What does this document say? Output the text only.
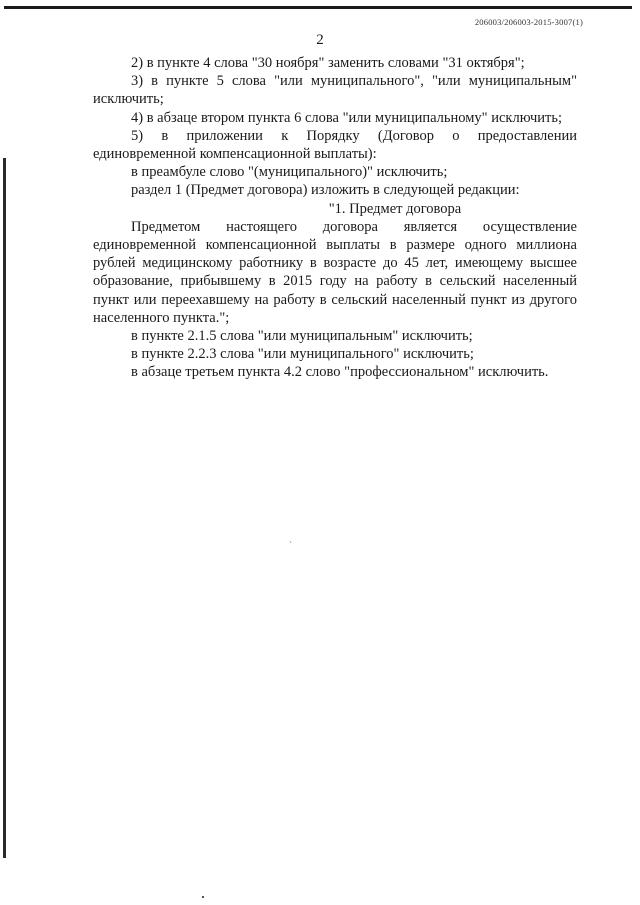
206003/206003-2015-3007(1)
2

2) в пункте 4 слова "30 ноября" заменить словами "31 октября";

3) в пункте 5 слова "или муниципального", "или муниципальным" исключить;

4) в абзаце втором пункта 6 слова "или муниципальному" исключить;

5) в приложении к Порядку (Договор о предоставлении единовременной компенсационной выплаты):

в преамбуле слово "(муниципального)" исключить;

раздел 1 (Предмет договора) изложить в следующей редакции:

"1. Предмет договора

Предметом настоящего договора является осуществление единовременной компенсационной выплаты в размере одного миллиона рублей медицинскому работнику в возрасте до 45 лет, имеющему высшее образование, прибывшему в 2015 году на работу в сельский населенный пункт или переехавшему на работу в сельский населенный пункт из другого населенного пункта.";

в пункте 2.1.5 слова "или муниципальным" исключить;

в пункте 2.2.3 слова "или муниципального" исключить;

в абзаце третьем пункта 4.2 слово "профессиональном" исключить.

`
